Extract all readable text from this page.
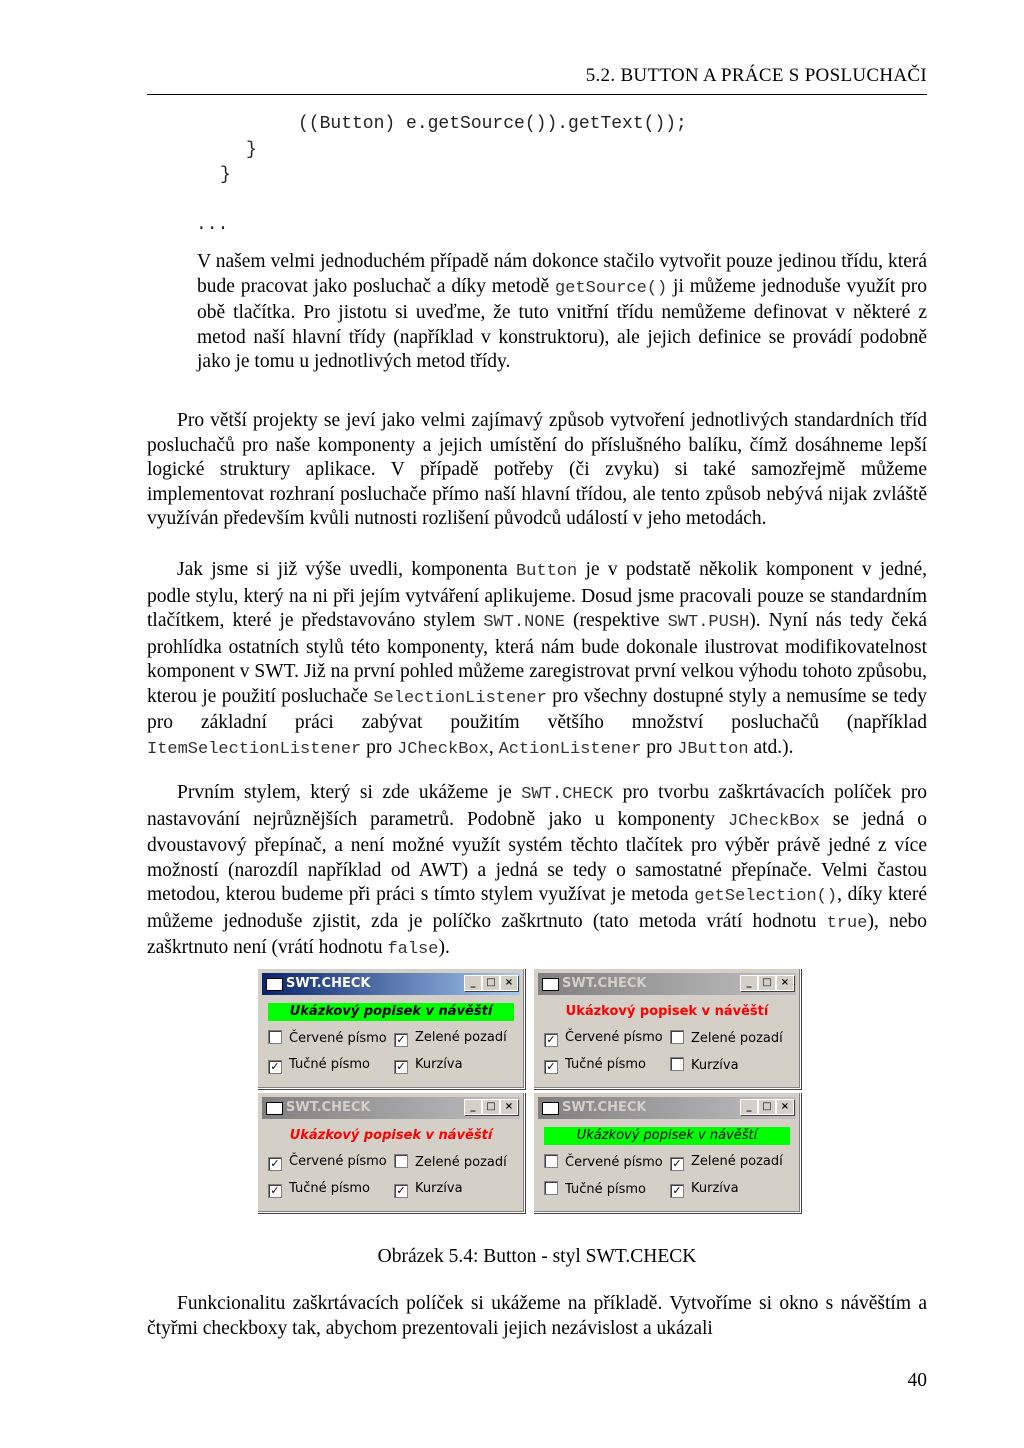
5.2. BUTTON A PRÁCE S POSLUCHAČI
((Button) e.getSource()).getText());
}
}
...
V našem velmi jednoduchém případě nám dokonce stačilo vytvořit pouze jedinou třídu, která bude pracovat jako posluchač a díky metodě getSource() ji můžeme jednoduše využít pro obě tlačítka. Pro jistotu si uveďme, že tuto vnitřní třídu nemůžeme definovat v některé z metod naší hlavní třídy (například v konstruktoru), ale jejich definice se provádí podobně jako je tomu u jednotlivých metod třídy.
Pro větší projekty se jeví jako velmi zajímavý způsob vytvoření jednotlivých standardních tříd posluchačů pro naše komponenty a jejich umístění do příslušného balíku, čímž dosáhneme lepší logické struktury aplikace. V případě potřeby (či zvyku) si také samozřejmě můžeme implementovat rozhraní posluchače přímo naší hlavní třídou, ale tento způsob nebývá nijak zvláště využíván především kvůli nutnosti rozlišení původců událostí v jeho metodách.
Jak jsme si již výše uvedli, komponenta Button je v podstatě několik komponent v jedné, podle stylu, který na ni při jejím vytváření aplikujeme. Dosud jsme pracovali pouze se standardním tlačítkem, které je představováno stylem SWT.NONE (respektive SWT.PUSH). Nyní nás tedy čeká prohlídka ostatních stylů této komponenty, která nám bude dokonale ilustrovat modifikovatelnost komponent v SWT. Již na první pohled můžeme zaregistrovat první velkou výhodu tohoto způsobu, kterou je použití posluchače SelectionListener pro všechny dostupné styly a nemusíme se tedy pro základní práci zabývat použitím většího množství posluchačů (například ItemSelectionListener pro JCheckBox, ActionListener pro JButton atd.).
Prvním stylem, který si zde ukážeme je SWT.CHECK pro tvorbu zaškrtávacích políček pro nastavování nejrůznějších parametrů. Podobně jako u komponenty JCheckBox se jedná o dvoustavový přepínač, a není možné využít systém těchto tlačítek pro výběr právě jedné z více možností (narozdíl například od AWT) a jedná se tedy o samostatné přepínače. Velmi častou metodou, kterou budeme při práci s tímto stylem využívat je metoda getSelection(), díky které můžeme jednoduše zjistit, zda je políčko zaškrtnuto (tato metoda vrátí hodnotu true), nebo zaškrtnuto není (vrátí hodnotu false).
SWT.CHECK	_	□ ×
Ukázkový popisek v návěští
Červené písmo ✓ Zelené pozadí
✓ Tučné písmo ✓ Kurzíva
SWT.CHECK	_	□ ×
Ukázkový popisek v návěští
✓ Červené písmo	Zelené pozadí
✓ Tučné písmo	Kurzíva
SWT.CHECK	_	□ ×
Ukázkový popisek v návěští
✓ Červené písmo	Zelené pozadí
✓ Tučné písmo ✓ Kurzíva
SWT.CHECK	_	□ ×
Ukázkový popisek v návěští
Červené písmo ✓ Zelené pozadí
Tučné písmo ✓ Kurzíva
Obrázek 5.4: Button - styl SWT.CHECK
Funkcionalitu zaškrtávacích políček si ukážeme na příkladě. Vytvoříme si okno s návěštím a čtyřmi checkboxy tak, abychom prezentovali jejich nezávislost a ukázali
40
